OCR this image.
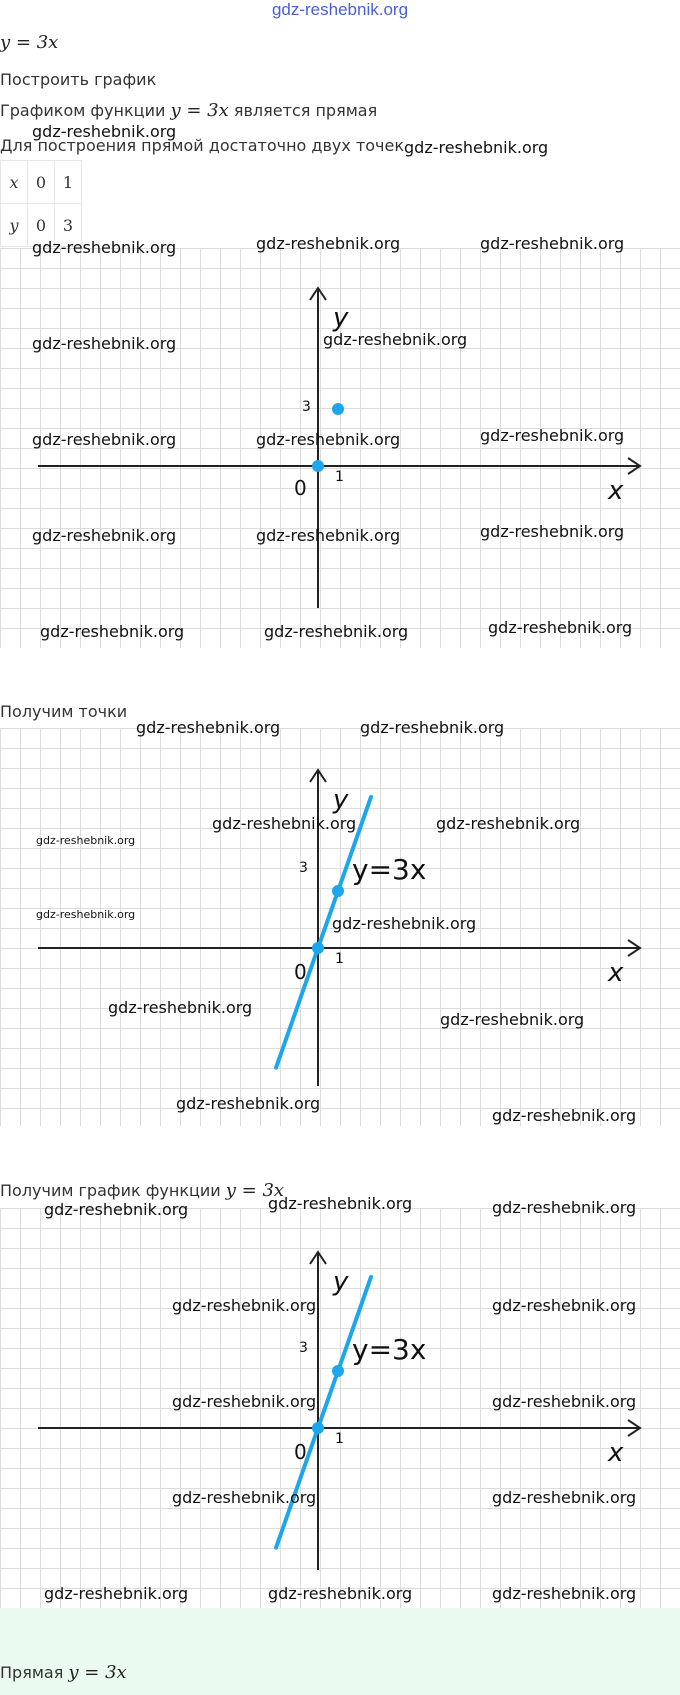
gdz-reshebnik.org
y = 3x
Построить график
Графиком функции y = 3x является прямая
Для построения прямой достаточно двух точек
gdz-reshebnik.org
gdz-reshebnik.org
x	0	1
y	0	3
y
x
0 1
3
gdz-reshebnik.org	gdz-reshebnik.org	gdz-reshebnik.org
gdz-reshebnik.org	gdz-reshebnik.org
gdz-reshebnik.org	gdz-reshebnik.org	gdz-reshebnik.org
gdz-reshebnik.org	gdz-reshebnik.org	gdz-reshebnik.org
gdz-reshebnik.org	gdz-reshebnik.org	gdz-reshebnik.org
Получим точки
y
x
0
1
3 y=3x
gdz-reshebnik.org	gdz-reshebnik.org
gdz-reshebnik.org	gdz-reshebnik.org
gdz-reshebnik.org
gdz-reshebnik.org	gdz-reshebnik.org
gdz-reshebnik.org
gdz-reshebnik.org
gdz-reshebnik.org
gdz-reshebnik.org
Получим график функции y = 3x
y
x
0
1
3 y=3x
gdz-reshebnik.org	gdz-reshebnik.org	gdz-reshebnik.org
gdz-reshebnik.org	gdz-reshebnik.org
gdz-reshebnik.org	gdz-reshebnik.org
gdz-reshebnik.org	gdz-reshebnik.org
gdz-reshebnik.org	gdz-reshebnik.org	gdz-reshebnik.org
Прямая y = 3x
